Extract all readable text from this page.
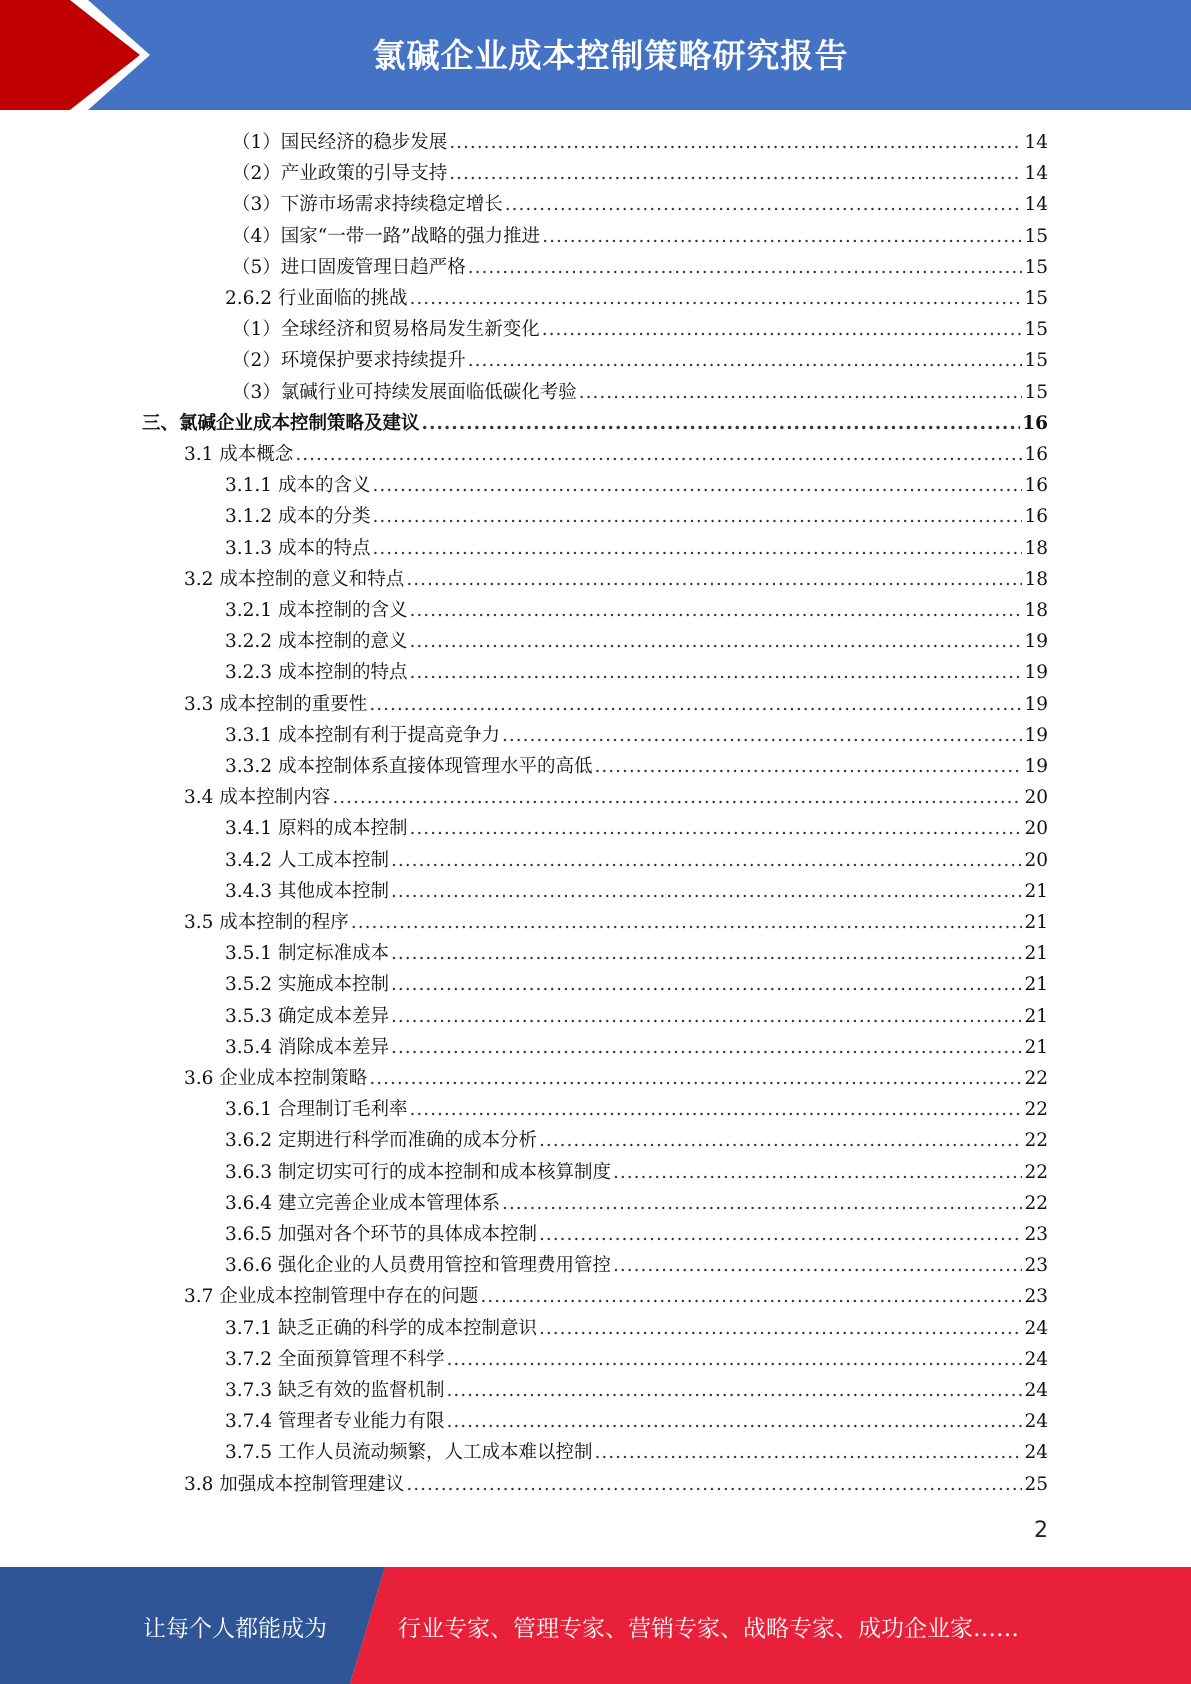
氯碱企业成本控制策略研究报告
（1）国民经济的稳步发展 .....	14
（2）产业政策的引导支持 .....	14
（3）下游市场需求持续稳定增长 .....	14
（4）国家“一带一路”战略的强力推进 .....	15
（5）进口固废管理日趋严格 .....	15
2.6.2 行业面临的挑战 .....	15
（1）全球经济和贸易格局发生新变化 .....	15
（2）环境保护要求持续提升 .....	15
（3）氯碱行业可持续发展面临低碳化考验 .....	15
三、氯碱企业成本控制策略及建议 .....	16
3.1 成本概念 .....	16
3.1.1 成本的含义 .....	16
3.1.2 成本的分类 .....	16
3.1.3 成本的特点 .....	18
3.2 成本控制的意义和特点 .....	18
3.2.1 成本控制的含义 .....	18
3.2.2 成本控制的意义 .....	19
3.2.3 成本控制的特点 .....	19
3.3 成本控制的重要性 .....	19
3.3.1 成本控制有利于提高竞争力 .....	19
3.3.2 成本控制体系直接体现管理水平的高低 .....	19
3.4 成本控制内容 .....	20
3.4.1 原料的成本控制 .....	20
3.4.2 人工成本控制 .....	20
3.4.3 其他成本控制 .....	21
3.5 成本控制的程序 .....	21
3.5.1 制定标准成本 .....	21
3.5.2 实施成本控制 .....	21
3.5.3 确定成本差异 .....	21
3.5.4 消除成本差异 .....	21
3.6 企业成本控制策略 .....	22
3.6.1 合理制订毛利率 .....	22
3.6.2 定期进行科学而准确的成本分析 .....	22
3.6.3 制定切实可行的成本控制和成本核算制度 .....	22
3.6.4 建立完善企业成本管理体系 .....	22
3.6.5 加强对各个环节的具体成本控制 .....	23
3.6.6 强化企业的人员费用管控和管理费用管控 .....	23
3.7 企业成本控制管理中存在的问题 .....	23
3.7.1 缺乏正确的科学的成本控制意识 .....	24
3.7.2 全面预算管理不科学 .....	24
3.7.3 缺乏有效的监督机制 .....	24
3.7.4 管理者专业能力有限 .....	24
3.7.5 工作人员流动频繁，人工成本难以控制 .....	24
3.8 加强成本控制管理建议 .....	25
2
让每个人都能成为	行业专家、管理专家、营销专家、战略专家、成功企业家……
